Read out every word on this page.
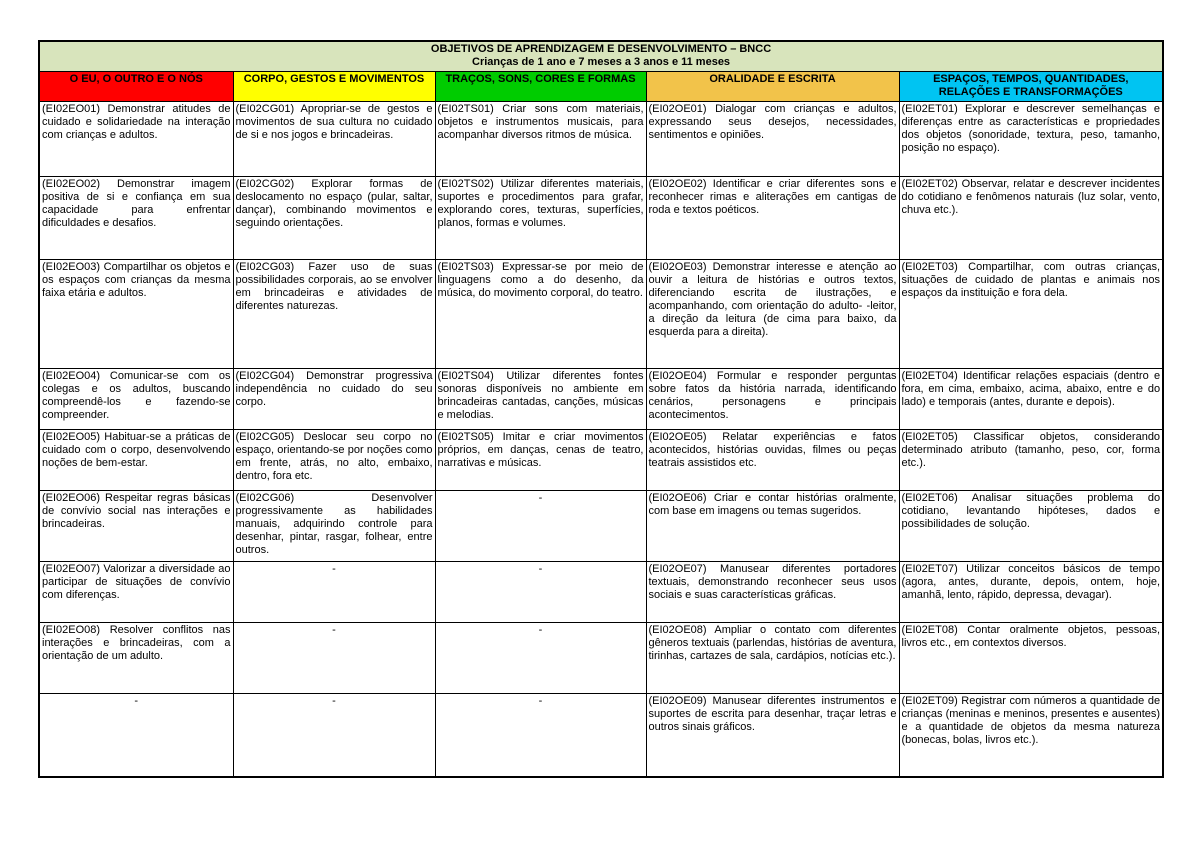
OBJETIVOS DE APRENDIZAGEM E DESENVOLVIMENTO – BNCC
Crianças de 1 ano e 7 meses a 3 anos e 11 meses				

O EU, O OUTRO E O NÓS	CORPO, GESTOS E MOVIMENTOS	TRAÇOS, SONS, CORES E FORMAS	ORALIDADE E ESCRITA	ESPAÇOS, TEMPOS, QUANTIDADES, RELAÇÕES E TRANSFORMAÇÕES
(EI02EO01) Demonstrar atitudes de cuidado e solidariedade na interação com crianças e adultos.	(EI02CG01) Apropriar-se de gestos e movimentos de sua cultura no cuidado de si e nos jogos e brincadeiras.	(EI02TS01) Criar sons com materiais, objetos e instrumentos musicais, para acompanhar diversos ritmos de música.	(EI02OE01) Dialogar com crianças e adultos, expressando seus desejos, necessidades, sentimentos e opiniões.	(EI02ET01) Explorar e descrever semelhanças e diferenças entre as características e propriedades dos objetos (sonoridade, textura, peso, tamanho, posição no espaço).
(EI02EO02) Demonstrar imagem positiva de si e confiança em sua capacidade para enfrentar dificuldades e desafios.	(EI02CG02) Explorar formas de deslocamento no espaço (pular, saltar, dançar), combinando movimentos e seguindo orientações.	(EI02TS02) Utilizar diferentes materiais, suportes e procedimentos para grafar, explorando cores, texturas, superfícies, planos, formas e volumes.	(EI02OE02) Identificar e criar diferentes sons e reconhecer rimas e aliterações em cantigas de roda e textos poéticos.	(EI02ET02) Observar, relatar e descrever incidentes do cotidiano e fenômenos naturais (luz solar, vento, chuva etc.).
(EI02EO03) Compartilhar os objetos e os espaços com crianças da mesma faixa etária e adultos.	(EI02CG03) Fazer uso de suas possibilidades corporais, ao se envolver em brincadeiras e atividades de diferentes naturezas.	(EI02TS03) Expressar-se por meio de linguagens como a do desenho, da música, do movimento corporal, do teatro.	(EI02OE03) Demonstrar interesse e atenção ao ouvir a leitura de histórias e outros textos, diferenciando escrita de ilustrações, e acompanhando, com orientação do adulto- -leitor, a direção da leitura (de cima para baixo, da esquerda para a direita).	(EI02ET03) Compartilhar, com outras crianças, situações de cuidado de plantas e animais nos espaços da instituição e fora dela.
(EI02EO04) Comunicar-se com os colegas e os adultos, buscando compreendê-los e fazendo-se compreender.	(EI02CG04) Demonstrar progressiva independência no cuidado do seu corpo.	(EI02TS04) Utilizar diferentes fontes sonoras disponíveis no ambiente em brincadeiras cantadas, canções, músicas e melodias.	(EI02OE04) Formular e responder perguntas sobre fatos da história narrada, identificando cenários, personagens e principais acontecimentos.	(EI02ET04) Identificar relações espaciais (dentro e fora, em cima, embaixo, acima, abaixo, entre e do lado) e temporais (antes, durante e depois).
(EI02EO05) Habituar-se a práticas de cuidado com o corpo, desenvolvendo noções de bem-estar.	(EI02CG05) Deslocar seu corpo no espaço, orientando-se por noções como em frente, atrás, no alto, embaixo, dentro, fora etc.	(EI02TS05) Imitar e criar movimentos próprios, em danças, cenas de teatro, narrativas e músicas.	(EI02OE05) Relatar experiências e fatos acontecidos, histórias ouvidas, filmes ou peças teatrais assistidos etc.	(EI02ET05) Classificar objetos, considerando determinado atributo (tamanho, peso, cor, forma etc.).
(EI02EO06) Respeitar regras básicas de convívio social nas interações e brincadeiras.	(EI02CG06) Desenvolver progressivamente as habilidades manuais, adquirindo controle para desenhar, pintar, rasgar, folhear, entre outros.	-	(EI02OE06) Criar e contar histórias oralmente, com base em imagens ou temas sugeridos.	(EI02ET06) Analisar situações problema do cotidiano, levantando hipóteses, dados e possibilidades de solução.
(EI02EO07) Valorizar a diversidade ao participar de situações de convívio com diferenças.	-	-	(EI02OE07) Manusear diferentes portadores textuais, demonstrando reconhecer seus usos sociais e suas características gráficas.	(EI02ET07) Utilizar conceitos básicos de tempo (agora, antes, durante, depois, ontem, hoje, amanhã, lento, rápido, depressa, devagar).
(EI02EO08) Resolver conflitos nas interações e brincadeiras, com a orientação de um adulto.	-	-	(EI02OE08) Ampliar o contato com diferentes gêneros textuais (parlendas, histórias de aventura, tirinhas, cartazes de sala, cardápios, notícias etc.).	(EI02ET08) Contar oralmente objetos, pessoas, livros etc., em contextos diversos.
-	-	-	(EI02OE09) Manusear diferentes instrumentos e suportes de escrita para desenhar, traçar letras e outros sinais gráficos.	(EI02ET09) Registrar com números a quantidade de crianças (meninas e meninos, presentes e ausentes) e a quantidade de objetos da mesma natureza (bonecas, bolas, livros etc.).
